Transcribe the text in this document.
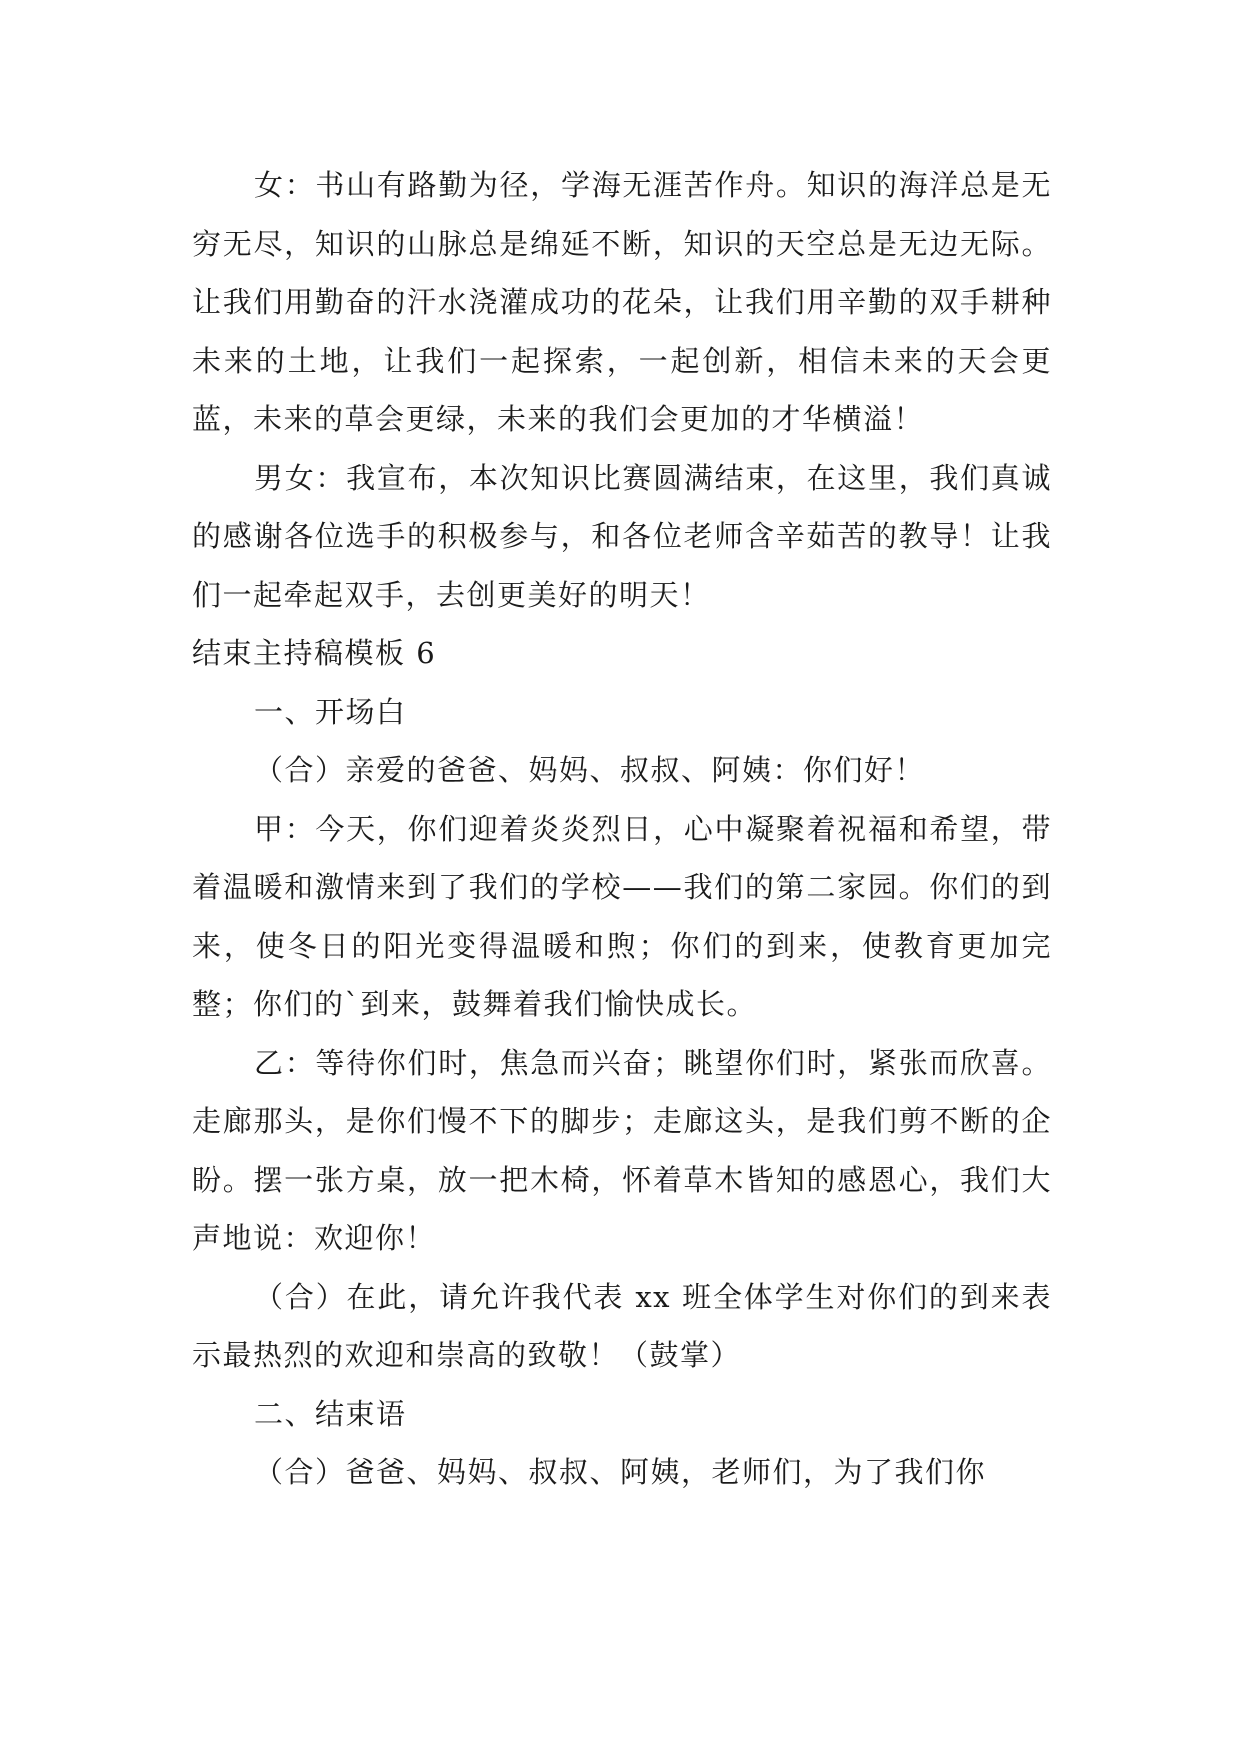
女：书山有路勤为径，学海无涯苦作舟。知识的海洋总是无穷无尽，知识的山脉总是绵延不断，知识的天空总是无边无际。让我们用勤奋的汗水浇灌成功的花朵，让我们用辛勤的双手耕种未来的土地，让我们一起探索，一起创新，相信未来的天会更蓝，未来的草会更绿，未来的我们会更加的才华横溢！

男女：我宣布，本次知识比赛圆满结束，在这里，我们真诚的感谢各位选手的积极参与，和各位老师含辛茹苦的教导！让我们一起牵起双手，去创更美好的明天！

结束主持稿模板 6

一、开场白

（合）亲爱的爸爸、妈妈、叔叔、阿姨：你们好！

甲：今天，你们迎着炎炎烈日，心中凝聚着祝福和希望，带着温暖和激情来到了我们的学校——我们的第二家园。你们的到来，使冬日的阳光变得温暖和煦；你们的到来，使教育更加完整；你们的`到来，鼓舞着我们愉快成长。

乙：等待你们时，焦急而兴奋；眺望你们时，紧张而欣喜。走廊那头，是你们慢不下的脚步；走廊这头，是我们剪不断的企盼。摆一张方桌，放一把木椅，怀着草木皆知的感恩心，我们大声地说：欢迎你！

（合）在此，请允许我代表 xx 班全体学生对你们的到来表示最热烈的欢迎和崇高的致敬！（鼓掌）

二、结束语

（合）爸爸、妈妈、叔叔、阿姨，老师们，为了我们你
